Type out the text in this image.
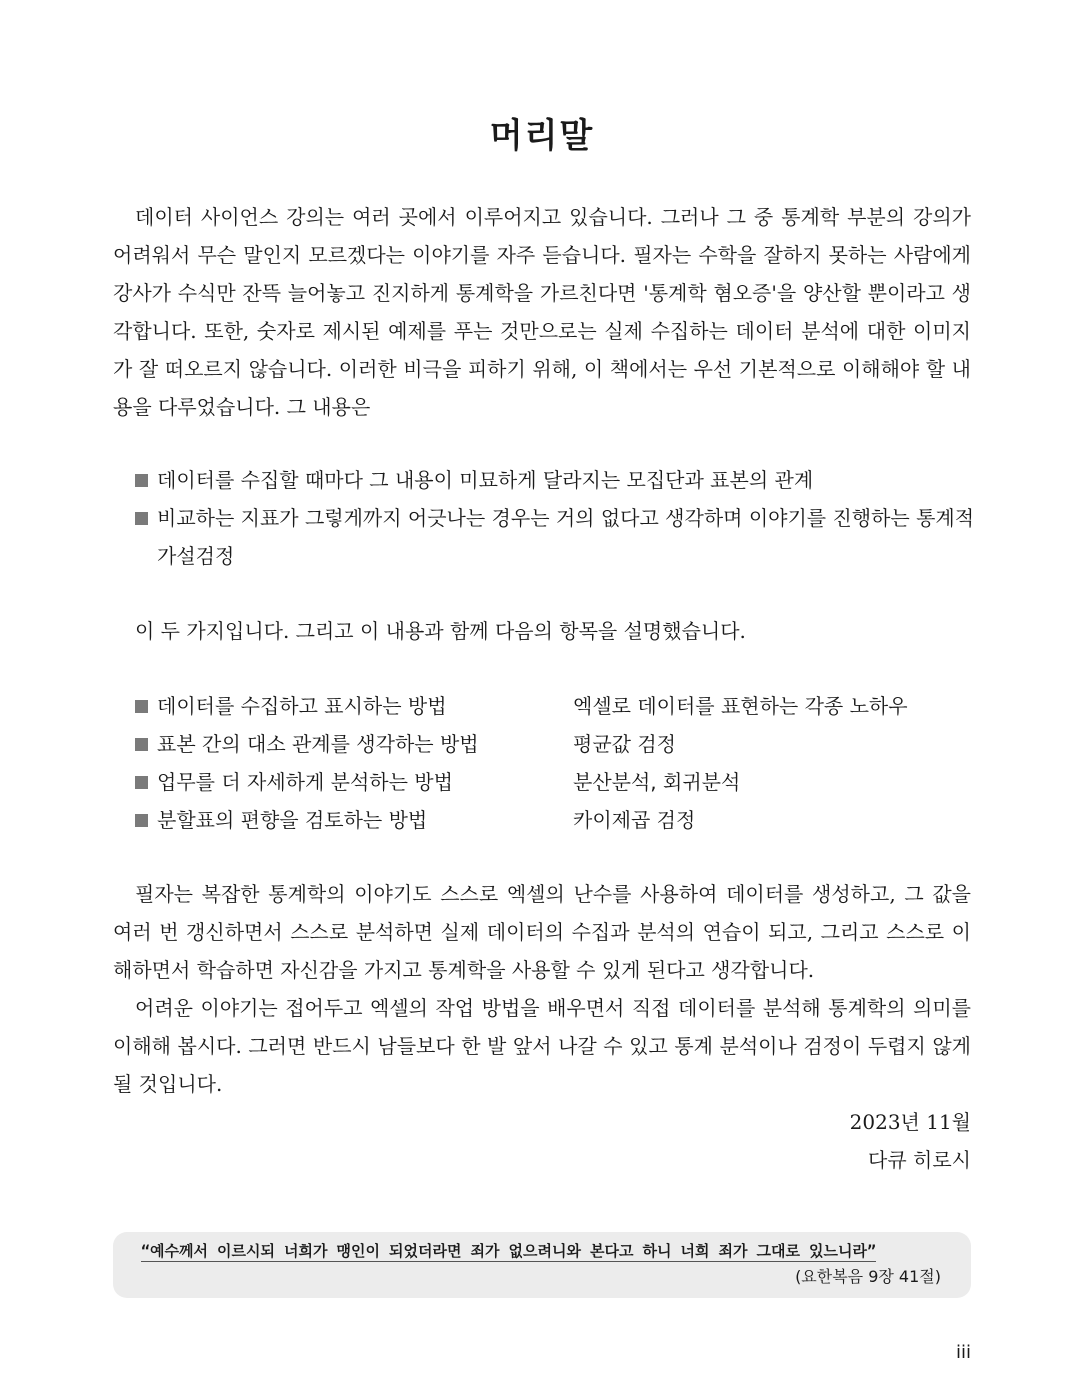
머리말

데이터 사이언스 강의는 여러 곳에서 이루어지고 있습니다. 그러나 그 중 통계학 부분의 강의가 어려워서 무슨 말인지 모르겠다는 이야기를 자주 듣습니다. 필자는 수학을 잘하지 못하는 사람에게 강사가 수식만 잔뜩 늘어놓고 진지하게 통계학을 가르친다면 '통계학 혐오증'을 양산할 뿐이라고 생각합니다. 또한, 숫자로 제시된 예제를 푸는 것만으로는 실제 수집하는 데이터 분석에 대한 이미지가 잘 떠오르지 않습니다. 이러한 비극을 피하기 위해, 이 책에서는 우선 기본적으로 이해해야 할 내용을 다루었습니다. 그 내용은

데이터를 수집할 때마다 그 내용이 미묘하게 달라지는 모집단과 표본의 관계
비교하는 지표가 그렇게까지 어긋나는 경우는 거의 없다고 생각하며 이야기를 진행하는 통계적 가설검정

이 두 가지입니다. 그리고 이 내용과 함께 다음의 항목을 설명했습니다.

데이터를 수집하고 표시하는 방법	엑셀로 데이터를 표현하는 각종 노하우
표본 간의 대소 관계를 생각하는 방법	평균값 검정
업무를 더 자세하게 분석하는 방법	분산분석, 회귀분석
분할표의 편향을 검토하는 방법	카이제곱 검정

필자는 복잡한 통계학의 이야기도 스스로 엑셀의 난수를 사용하여 데이터를 생성하고, 그 값을 여러 번 갱신하면서 스스로 분석하면 실제 데이터의 수집과 분석의 연습이 되고, 그리고 스스로 이해하면서 학습하면 자신감을 가지고 통계학을 사용할 수 있게 된다고 생각합니다.

어려운 이야기는 접어두고 엑셀의 작업 방법을 배우면서 직접 데이터를 분석해 통계학의 의미를 이해해 봅시다. 그러면 반드시 남들보다 한 발 앞서 나갈 수 있고 통계 분석이나 검정이 두렵지 않게 될 것입니다.

2023년 11월
다큐 히로시
“예수께서 이르시되 너희가 맹인이 되었더라면 죄가 없으려니와 본다고 하니 너희 죄가 그대로 있느니라”
(요한복음 9장 41절)
iii
